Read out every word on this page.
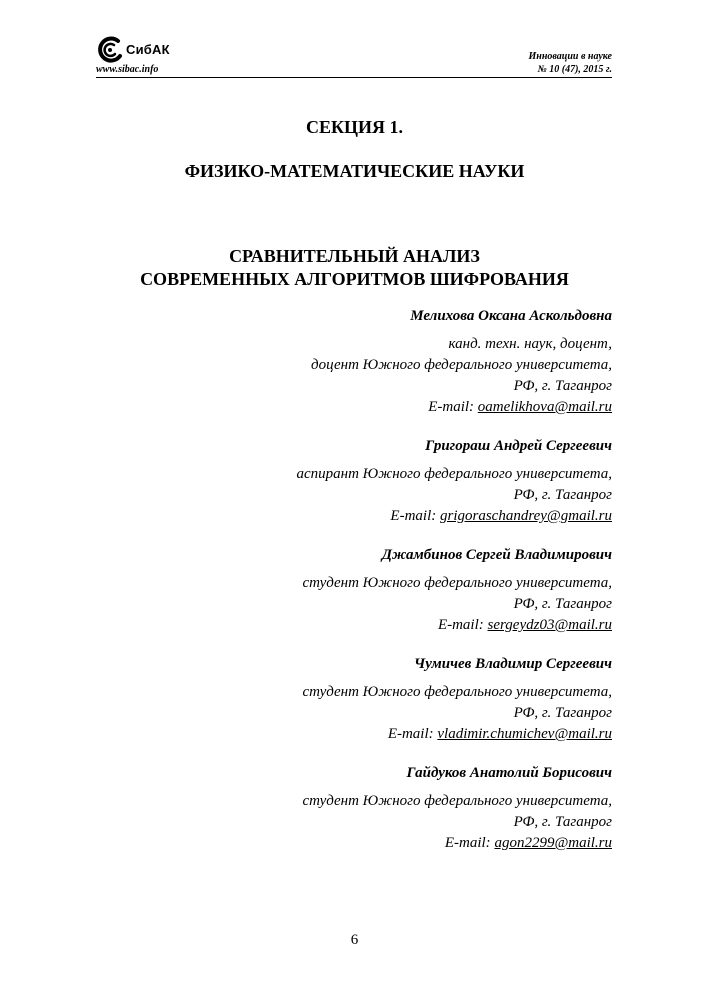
СибАК
www.sibac.info
Инновации в науке
№ 10 (47), 2015 г.
СЕКЦИЯ 1.
ФИЗИКО-МАТЕМАТИЧЕСКИЕ НАУКИ
СРАВНИТЕЛЬНЫЙ АНАЛИЗ
СОВРЕМЕННЫХ АЛГОРИТМОВ ШИФРОВАНИЯ
Мелихова Оксана Аскольдовна
канд. техн. наук, доцент,
доцент Южного федерального университета,
РФ, г. Таганрог
E-mail: oamelikhova@mail.ru
Григораш Андрей Сергеевич
аспирант Южного федерального университета,
РФ, г. Таганрог
E-mail: grigoraschandrey@gmail.ru
Джамбинов Сергей Владимирович
студент Южного федерального университета,
РФ, г. Таганрог
E-mail: sergeydz03@mail.ru
Чумичев Владимир Сергеевич
студент Южного федерального университета,
РФ, г. Таганрог
E-mail: vladimir.chumichev@mail.ru
Гайдуков Анатолий Борисович
студент Южного федерального университета,
РФ, г. Таганрог
E-mail: agon2299@mail.ru
6
